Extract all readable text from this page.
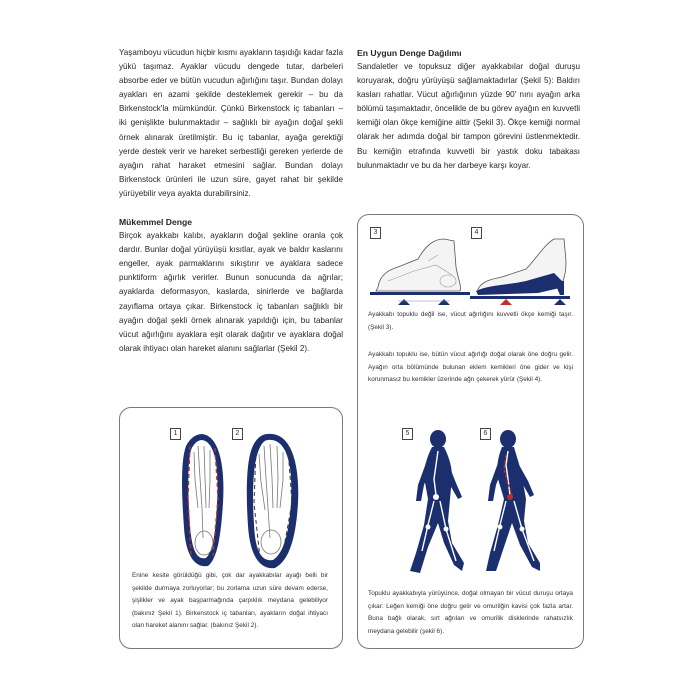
Yaşamboyu vücudun hiçbir kısmı ayakların taşıdığı kadar fazla yükü taşımaz. Ayaklar vücudu dengede tutar, darbeleri absorbe eder ve bütün vucudun ağırlığını taşır. Bundan dolayı ayakları en azami şekilde desteklemek gerekir – bu da Birkenstock'la mümkündür. Çünkü Birkenstock iç tabanları – iki genişlikte bulunmaktadır – sağlıklı bir ayağın doğal şekli örnek alınarak üretilmiştir. Bu iç tabanlar, ayağa gerektiği yerde destek verir ve hareket serbestliği gereken yerlerde de ayağın rahat haraket etmesini sağlar. Bundan dolayı Birkenstock ürünleri ile uzun süre, gayet rahat bir şekilde yürüyebilir veya ayakta durabilirsiniz.

Mükemmel Denge

Birçok ayakkabı kalıbı, ayakların doğal şekline oranla çok dardır. Bunlar doğal yürüyüşü kısıtlar, ayak ve baldır kaslarını engeller, ayak parmaklarını sıkıştırır ve ayaklara sadece punktiform ağırlık verirler. Bunun sonucunda da ağrılar; ayaklarda deformasyon, kaslarda, sinirlerde ve bağlarda zayıflama ortaya çıkar. Birkenstock iç tabanları sağlıklı bir ayağın doğal şekli örnek alınarak yapıldığı için, bu tabanlar vücut ağırlığını ayaklara eşit olarak dağıtır ve ayaklara doğal olarak ihtiyacı olan hareket alanını sağlarlar (Şekil 2).

En Uygun Denge Dağılımı

Sandaletler ve topuksuz diğer ayakkabılar doğal duruşu koruyarak, doğru yürüyüşü sağlamaktadırlar (Şekil 5): Baldırı kasları rahatlar. Vücut ağırlığının yüzde 90' nını ayağın arka bölümü taşımaktadır, öncelikle de bu görev ayağın en kuvvetli kemiği olan ökçe kemiğine aittir (Şekil 3). Ökçe kemiği normal olarak her adımda doğal bir tampon görevini üstlenmektedir. Bu kemiğin etrafında kuvvetli bir yastık doku tabakası bulunmaktadır ve bu da her darbeye karşı koyar.

1	2
Enine kesite görüldüğü gibi, çok dar ayakkabılar ayağı belli bir şekilde durmaya zorluyorlar; bu zorlama uzun süre devam ederse, şişlikler ve ayak başparmağında çarpıklık meydana gelebiliyor (bakınız Şekil 1). Birkenstock iç tabanları, ayakların doğal ihtiyacı olan hareket alanını sağlar. (bakınız Şekil 2).
3	4
Ayakkabı topuklu değil ise, vücut ağırlığını kuvvetli ökçe kemiği taşır. (Şekil 3).
Ayakkabı topuklu ise, bütün vücut ağırlığı doğal olarak öne doğru gelir. Ayağın orta bölümünde bulunan eklem kemikleri öne gider ve kişi korunmasız bu kemikler üzerinde ağrı çekerek yürür (Şekil 4).
5	6
Topuklu ayakkabıyla yürüyünce, doğal olmayan bir vücut duruşu ortaya çıkar: Leğen kemiği öne doğru gelir ve omurilğin kavisi çok fazla artar. Buna bağlı olarak, sırt ağrıları ve omurilik disklerinde rahatsızlık meydana gelebilir (şekil 6).
